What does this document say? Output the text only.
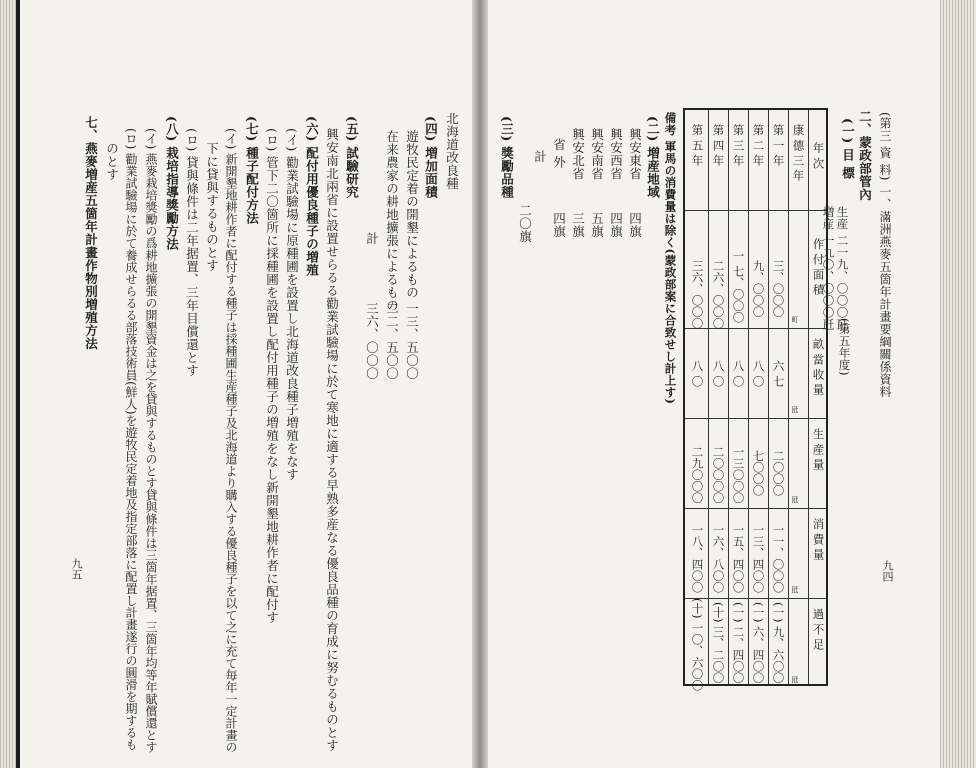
北海道改良種
(四) 増加面積
遊牧民定着の開墾によるもの
在来農家の耕地擴張によるもの
計
一三、五〇〇
二二、五〇〇
三六、〇〇〇
(五) 試驗研究
興安南北兩省に設置せらるる勸業試驗場に於て寒地に適する早熟多産なる優良品種の育成に努むるものとす
(六) 配付用優良種子の増殖
(イ) 勸業試驗場に原種圃を設置し北海道改良種子増殖をなす
(ロ) 管下二〇箇所に採種圃を設置し配付用種子の増殖をなし新開墾地耕作者に配付す
(七) 種子配付方法
(イ) 新開墾地耕作者に配付する種子は採種圃生産種子及北海道より購入する優良種子を以て之に充て毎年一定計畫の
下に貸與するものとす
(ロ) 貸與條件は二年据置、三年目償還とす
(八) 栽培指導獎勵方法
(イ) 燕麥栽培獎勵の爲耕地擴張の開墾資金は之を貸與するものとす貸與條件は三箇年据置、三箇年均等年賦償還とす
(ロ) 勸業試驗場に於て養成せらるる部落技術員(鮮人)を遊牧民定着地及指定部落に配置し計畫遂行の圓滑を期するも
のとす
七、燕麥増産五箇年計畫作物別増殖方法
九五
(第三 資 料) 一、滿洲燕麥五箇年計畫要綱關係資料
九四
二、蒙政部管內
(一) 目 標
生産 二一九、〇〇〇瓩
増産 一九〇、〇〇〇瓩
(第五年度)
備考 軍馬の消費量は除く(蒙政部案に合致せし計上す)
(二) 増産地域
興安東省
四旗
興安西省
四旗
興安南省
五旗
興安北省
三旗
省 外
四旗
計
二〇旗
(三) 獎勵品種	年 次
作 付 面 積
畝 當 收 量
生 産 量
消 費 量
過 不 足
町
瓩
瓩
瓩
瓩
康 德 三 年
第 一 年
三、〇〇〇
六 七
二〇〇〇
一一、〇〇〇
(一) 九、六〇〇
第 二 年
九、〇〇〇
八 〇
七〇〇〇
一三、四〇〇
(一) 六、四〇〇
第 三 年
一 七、〇〇〇
八 〇
一三〇〇〇
一五、四〇〇
(一) 二、四〇〇
第 四 年
二六、〇〇〇
八 〇
二〇〇〇〇
一六、八〇〇
(十) 三、二〇〇
第 五 年
三六、〇〇〇
八 〇
二九〇〇〇
一八、四〇〇
(十) 一〇、六〇〇
